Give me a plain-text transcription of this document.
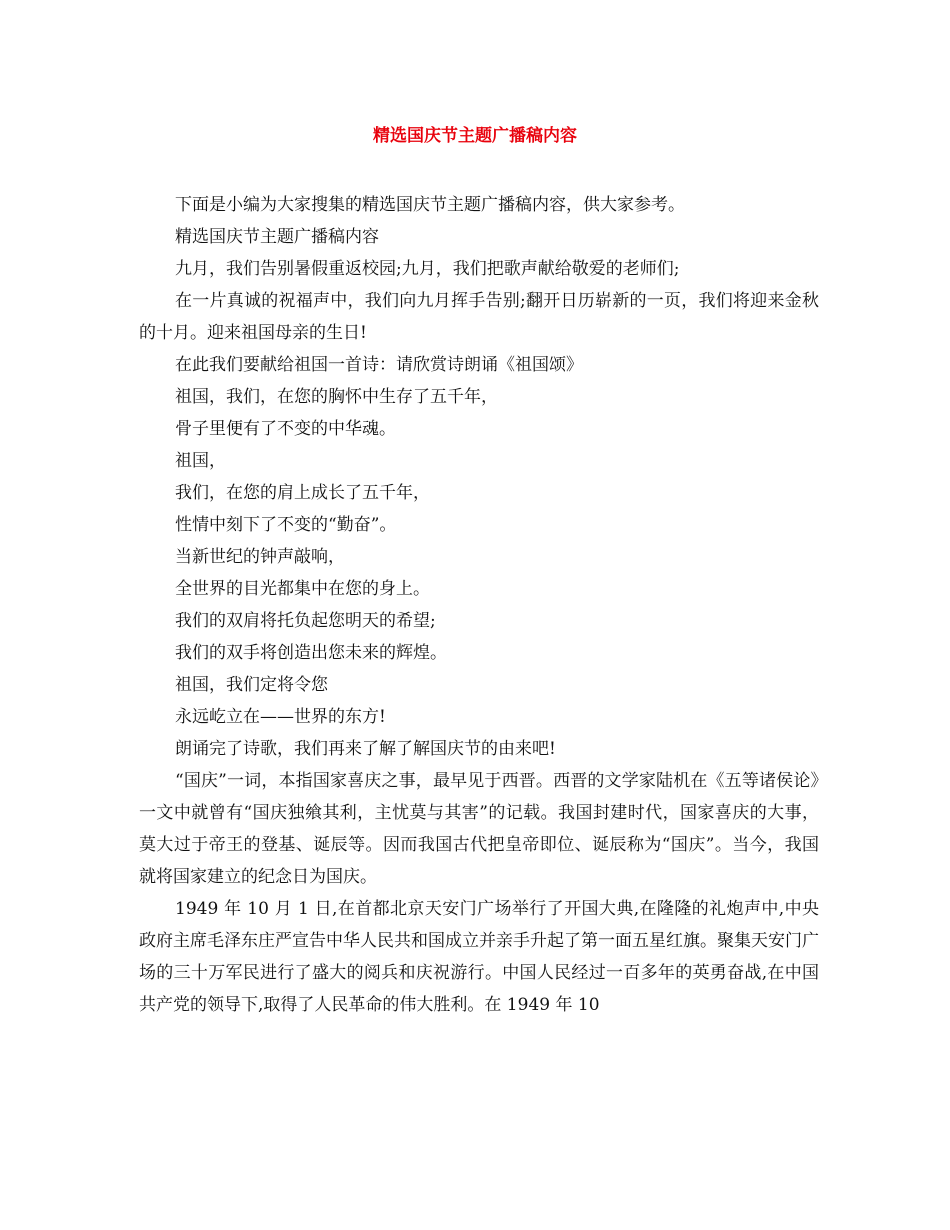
精选国庆节主题广播稿内容

下面是小编为大家搜集的精选国庆节主题广播稿内容，供大家参考。

精选国庆节主题广播稿内容

九月，我们告别暑假重返校园;九月，我们把歌声献给敬爱的老师们;

在一片真诚的祝福声中，我们向九月挥手告别;翻开日历崭新的一页，我们将迎来金秋的十月。迎来祖国母亲的生日!

在此我们要献给祖国一首诗：请欣赏诗朗诵《祖国颂》

祖国，我们，在您的胸怀中生存了五千年，

骨子里便有了不变的中华魂。

祖国，

我们，在您的肩上成长了五千年，

性情中刻下了不变的“勤奋”。

当新世纪的钟声敲响，

全世界的目光都集中在您的身上。

我们的双肩将托负起您明天的希望;

我们的双手将创造出您未来的辉煌。

祖国，我们定将令您

永远屹立在——世界的东方!

朗诵完了诗歌，我们再来了解了解国庆节的由来吧!

“国庆”一词，本指国家喜庆之事，最早见于西晋。西晋的文学家陆机在《五等诸侯论》一文中就曾有“国庆独飨其利，主忧莫与其害”的记载。我国封建时代，国家喜庆的大事，莫大过于帝王的登基、诞辰等。因而我国古代把皇帝即位、诞辰称为“国庆”。当今，我国就将国家建立的纪念日为国庆。

1949 年 10 月 1 日,在首都北京天安门广场举行了开国大典,在隆隆的礼炮声中,中央政府主席毛泽东庄严宣告中华人民共和国成立并亲手升起了第一面五星红旗。聚集天安门广场的三十万军民进行了盛大的阅兵和庆祝游行。中国人民经过一百多年的英勇奋战,在中国共产党的领导下,取得了人民革命的伟大胜利。在 1949 年 10
